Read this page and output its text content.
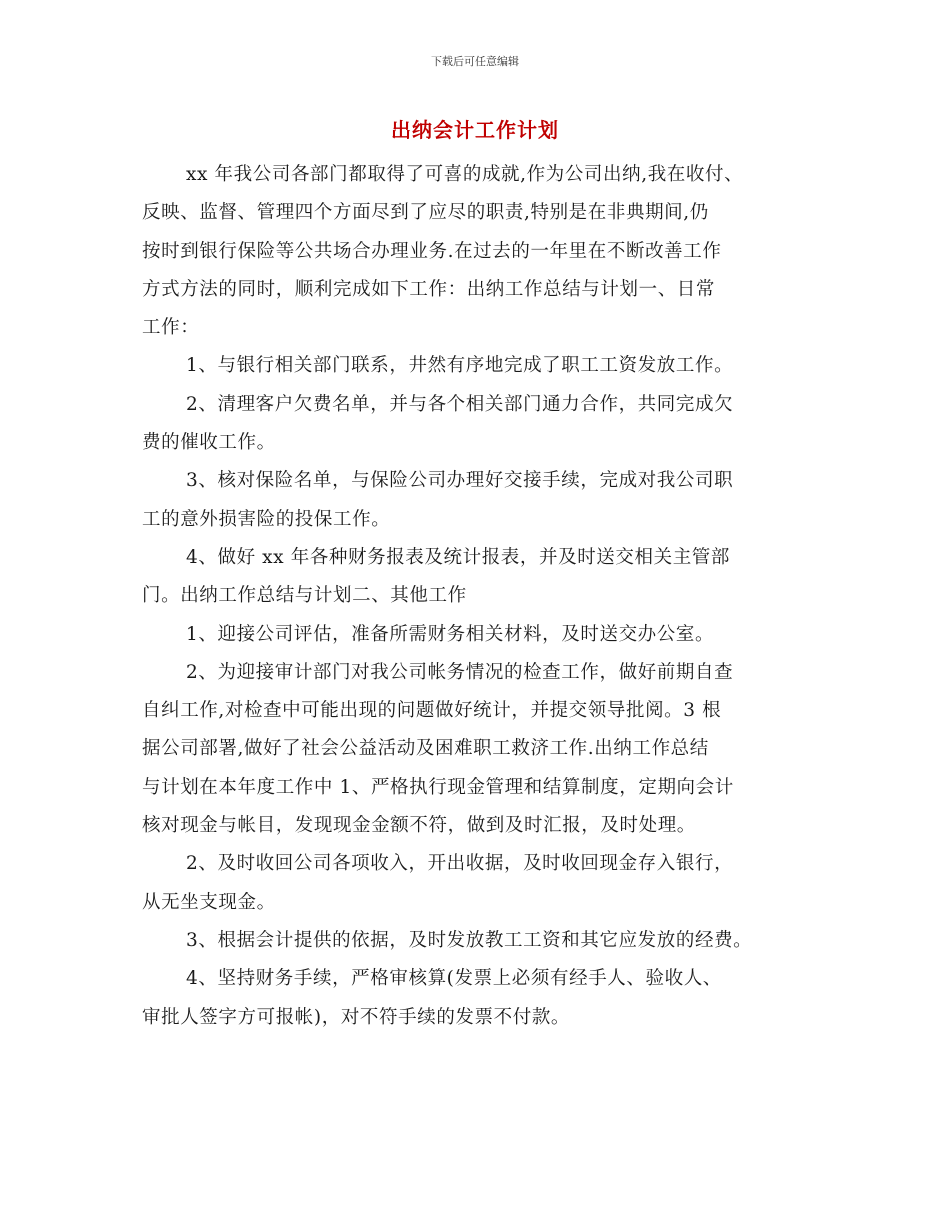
下载后可任意编辑
出纳会计工作计划
xx 年我公司各部门都取得了可喜的成就,作为公司出纳,我在收付、
反映、监督、管理四个方面尽到了应尽的职责,特别是在非典期间,仍
按时到银行保险等公共场合办理业务.在过去的一年里在不断改善工作
方式方法的同时，顺利完成如下工作：出纳工作总结与计划一、日常
工作：
1、与银行相关部门联系，井然有序地完成了职工工资发放工作。
2、清理客户欠费名单，并与各个相关部门通力合作，共同完成欠
费的催收工作。
3、核对保险名单，与保险公司办理好交接手续，完成对我公司职
工的意外损害险的投保工作。
4、做好 xx 年各种财务报表及统计报表，并及时送交相关主管部
门。出纳工作总结与计划二、其他工作
1、迎接公司评估，准备所需财务相关材料，及时送交办公室。
2、为迎接审计部门对我公司帐务情况的检查工作，做好前期自查
自纠工作,对检查中可能出现的问题做好统计，并提交领导批阅。3 根
据公司部署,做好了社会公益活动及困难职工救济工作.出纳工作总结
与计划在本年度工作中 1、严格执行现金管理和结算制度，定期向会计
核对现金与帐目，发现现金金额不符，做到及时汇报，及时处理。
2、及时收回公司各项收入，开出收据，及时收回现金存入银行，
从无坐支现金。
3、根据会计提供的依据，及时发放教工工资和其它应发放的经费。
4、坚持财务手续，严格审核算(发票上必须有经手人、验收人、
审批人签字方可报帐)，对不符手续的发票不付款。
